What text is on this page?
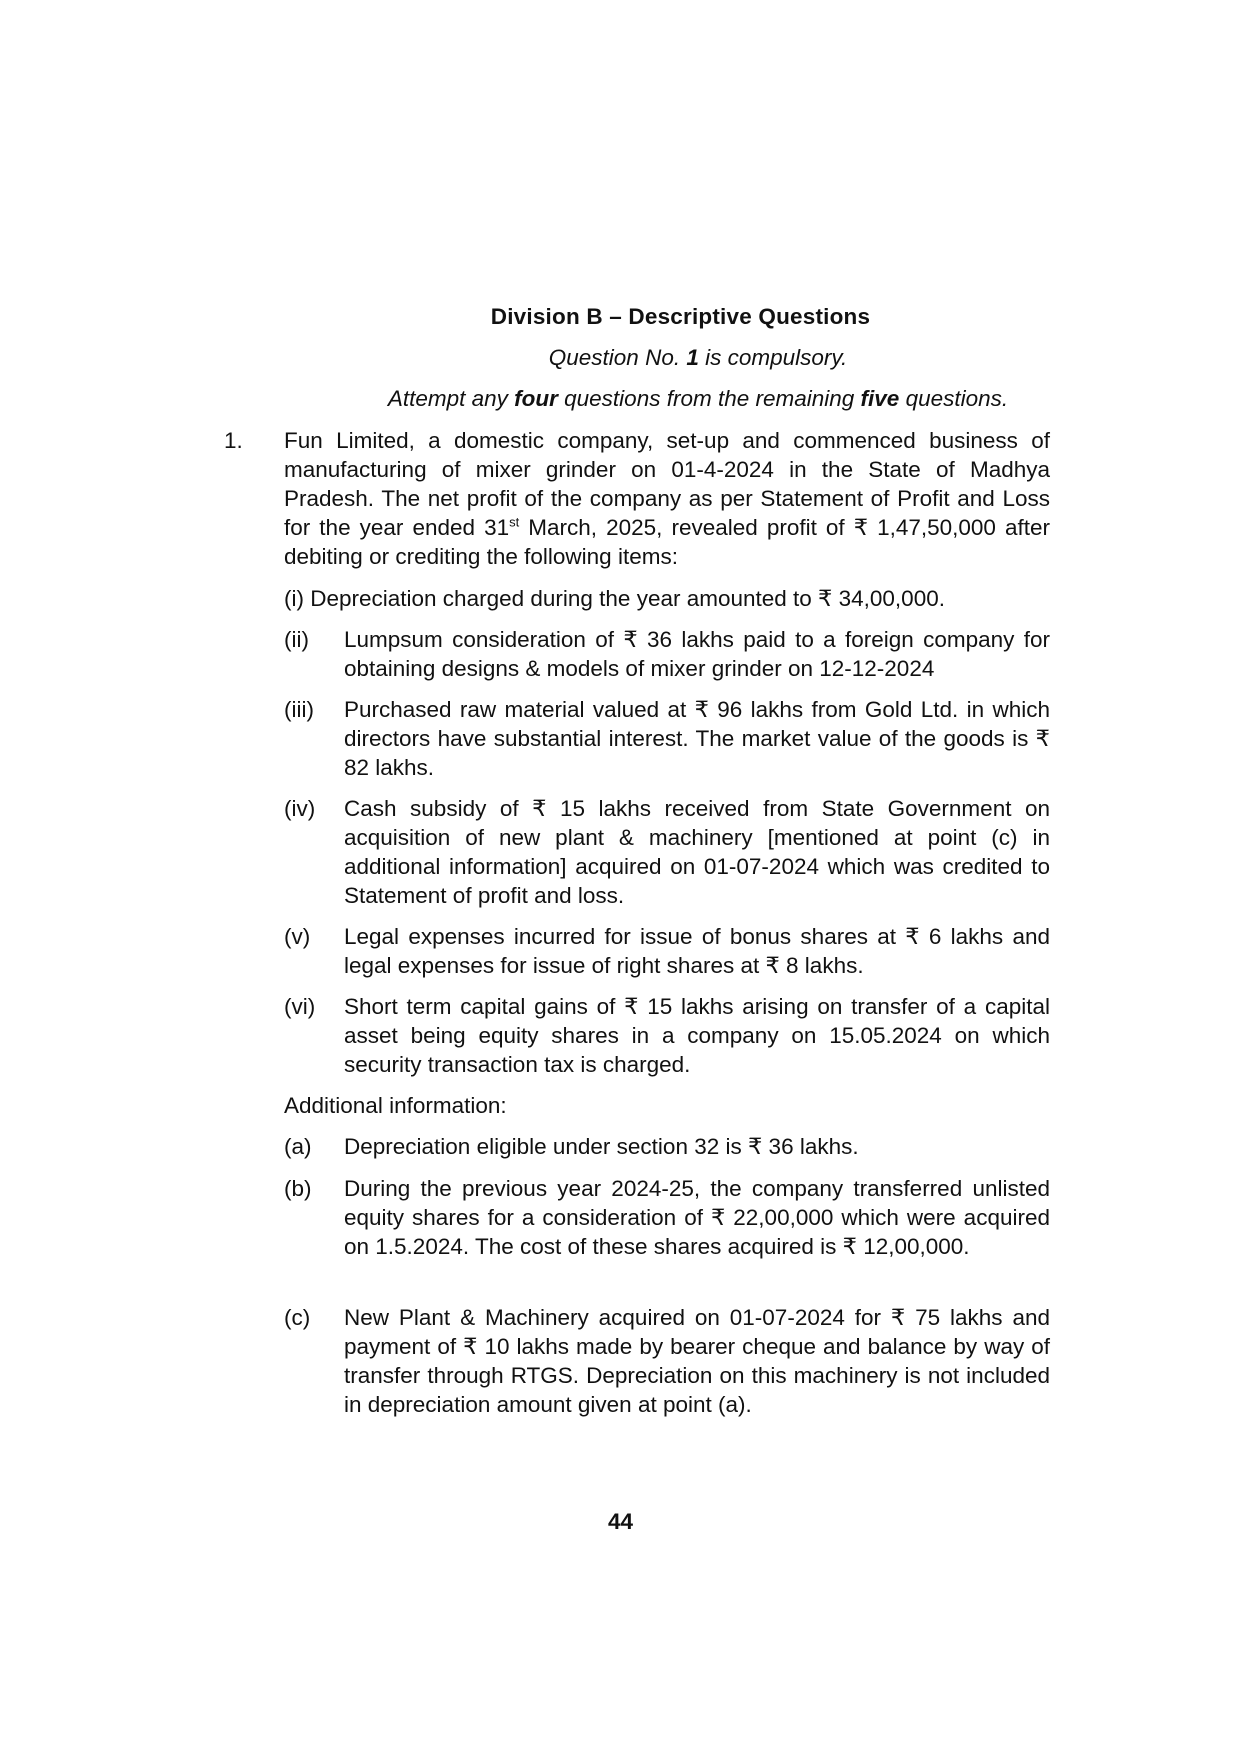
Division B – Descriptive Questions
Question No. 1 is compulsory.
Attempt any four questions from the remaining five questions.
1. Fun Limited, a domestic company, set-up and commenced business of manufacturing of mixer grinder on 01-4-2024 in the State of Madhya Pradesh. The net profit of the company as per Statement of Profit and Loss for the year ended 31st March, 2025, revealed profit of ₹ 1,47,50,000 after debiting or crediting the following items:
(i) Depreciation charged during the year amounted to ₹ 34,00,000.
(ii) Lumpsum consideration of ₹ 36 lakhs paid to a foreign company for obtaining designs & models of mixer grinder on 12-12-2024
(iii) Purchased raw material valued at ₹ 96 lakhs from Gold Ltd. in which directors have substantial interest. The market value of the goods is ₹ 82 lakhs.
(iv) Cash subsidy of ₹ 15 lakhs received from State Government on acquisition of new plant & machinery [mentioned at point (c) in additional information] acquired on 01-07-2024 which was credited to Statement of profit and loss.
(v) Legal expenses incurred for issue of bonus shares at ₹ 6 lakhs and legal expenses for issue of right shares at ₹ 8 lakhs.
(vi) Short term capital gains of ₹ 15 lakhs arising on transfer of a capital asset being equity shares in a company on 15.05.2024 on which security transaction tax is charged.
Additional information:
(a) Depreciation eligible under section 32 is ₹ 36 lakhs.
(b) During the previous year 2024-25, the company transferred unlisted equity shares for a consideration of ₹ 22,00,000 which were acquired on 1.5.2024. The cost of these shares acquired is ₹ 12,00,000.
(c) New Plant & Machinery acquired on 01-07-2024 for ₹ 75 lakhs and payment of ₹ 10 lakhs made by bearer cheque and balance by way of transfer through RTGS. Depreciation on this machinery is not included in depreciation amount given at point (a).
44
